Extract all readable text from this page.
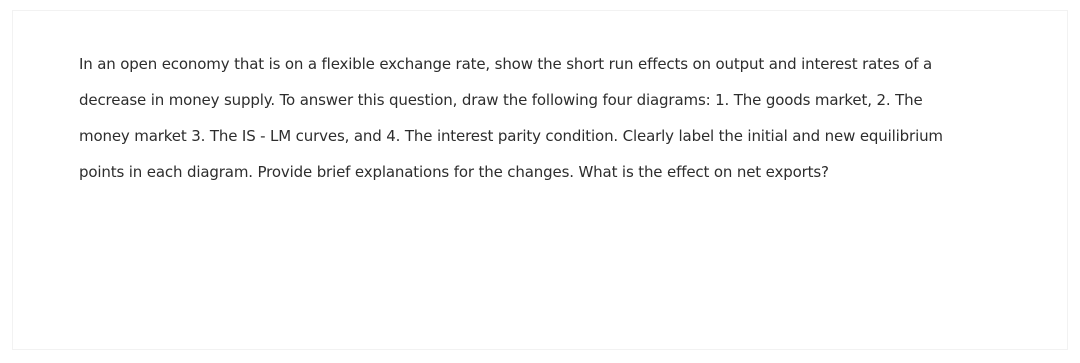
In an open economy that is on a flexible exchange rate, show the short run effects on output and interest rates of a
decrease in money supply. To answer this question, draw the following four diagrams: 1. The goods market, 2. The
money market 3. The IS - LM curves, and 4. The interest parity condition. Clearly label the initial and new equilibrium
points in each diagram. Provide brief explanations for the changes. What is the effect on net exports?
